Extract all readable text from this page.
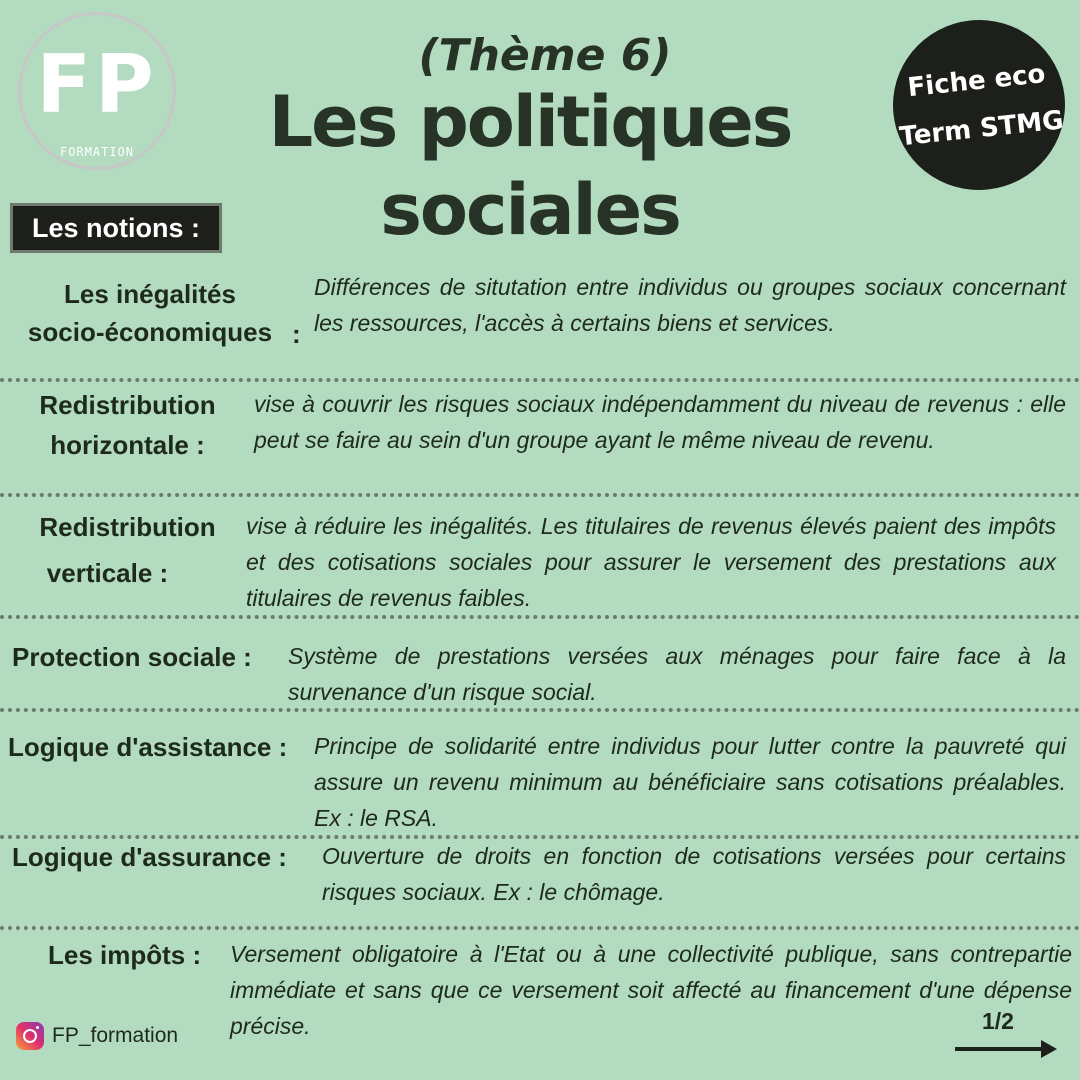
FP
FORMATION
(Thème 6)
Les politiques sociales
Fiche eco
Term STMG
Les notions :
Les inégalités
socio-économiques :
Différences de situtation entre individus ou groupes sociaux concernant les ressources, l'accès à certains biens et services.
Redistribution
horizontale :
vise à couvrir les risques sociaux indépendamment du niveau de revenus : elle peut se faire au sein d'un groupe ayant le même niveau de revenu.
Redistribution
verticale :
vise à réduire les inégalités. Les titulaires de revenus élevés paient des impôts et des cotisations sociales pour assurer le versement des prestations aux titulaires de revenus faibles.
Protection sociale : Système de prestations versées aux ménages pour faire face à la survenance d'un risque social.
Logique d'assistance : Principe de solidarité entre individus pour lutter contre la pauvreté qui assure un revenu minimum au bénéficiaire sans cotisations préalables. Ex : le RSA.
Logique d'assurance : Ouverture de droits en fonction de cotisations versées pour certains risques sociaux. Ex : le chômage.
Les impôts : Versement obligatoire à l'Etat ou à une collectivité publique, sans contrepartie immédiate et sans que ce versement soit affecté au financement d'une dépense précise.
FP_formation
1/2
